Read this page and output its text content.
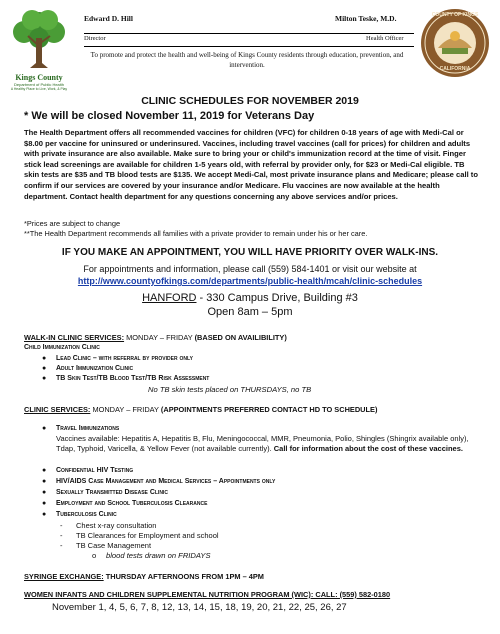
Kings County
Department of Public Health
A Healthy Place to Live, Work, & Play
Edward D. Hill	Milton Teske, M.D.
Director	Health Officer
To promote and protect the health and well-being of Kings County residents through education, prevention, and intervention.
COUNTY OF KINGS
CALIFORNIA
CLINIC SCHEDULES FOR NOVEMBER 2019
* We will be closed November 11, 2019 for Veterans Day
The Health Department offers all recommended vaccines for children (VFC) for children 0-18 years of age with Medi-Cal or $8.00 per vaccine for uninsured or underinsured. Vaccines, including travel vaccines (call for prices) for children and adults with private insurance are also available. Make sure to bring your or child's immunization record at the time of visit. Finger stick lead screenings are available for children 1-5 years old, with referral by provider only, for $23 or Medi-Cal eligible. TB skin tests are $35 and TB blood tests are $135. We accept Medi-Cal, most private insurance plans and Medicare; please call to confirm if our services are covered by your insurance and/or Medicare. Flu vaccines are now available at the health department. Contact health department for any questions concerning any above services and/or prices.
*Prices are subject to change
**The Health Department recommends all families with a private provider to remain under his or her care.
IF YOU MAKE AN APPOINTMENT, YOU WILL HAVE PRIORITY OVER WALK-INS.
For appointments and information, please call (559) 584-1401 or visit our website at
http://www.countyofkings.com/departments/public-health/mcah/clinic-schedules
HANFORD - 330 Campus Drive, Building #3
Open 8am – 5pm
WALK-IN CLINIC SERVICES: MONDAY – FRIDAY (BASED ON AVAILIBILITY)
Child Immunization Clinic
● Lead Clinic – with referral by provider only
● Adult Immunization Clinic
● TB Skin Test/TB Blood Test/TB Risk Assessment
No TB skin tests placed on THURSDAYS, no TB
CLINIC SERVICES: MONDAY – FRIDAY (APPOINTMENTS PREFERRED CONTACT HD TO SCHEDULE)
● Travel Immunizations
Vaccines available: Hepatitis A, Hepatitis B, Flu, Meningococcal, MMR, Pneumonia, Polio, Shingles (Shingrix available only), Tdap, Typhoid, Varicella, & Yellow Fever (not available currently). Call for information about the cost of these vaccines.
● Confidential HIV Testing
● HIV/AIDS Case Management and Medical Services – Appointments only
● Sexually Transmitted Disease Clinic
● Employment and School Tuberculosis Clearance
● Tuberculosis Clinic
- Chest x-ray consultation
- TB Clearances for Employment and school
- TB Case Management
o blood tests drawn on FRIDAYS
SYRINGE EXCHANGE: THURSDAY AFTERNOONS FROM 1PM – 4PM
WOMEN INFANTS AND CHILDREN SUPPLEMENTAL NUTRITION PROGRAM (WIC): CALL: (559) 582-0180
November 1, 4, 5, 6, 7, 8, 12, 13, 14, 15, 18, 19, 20, 21, 22, 25, 26, 27
